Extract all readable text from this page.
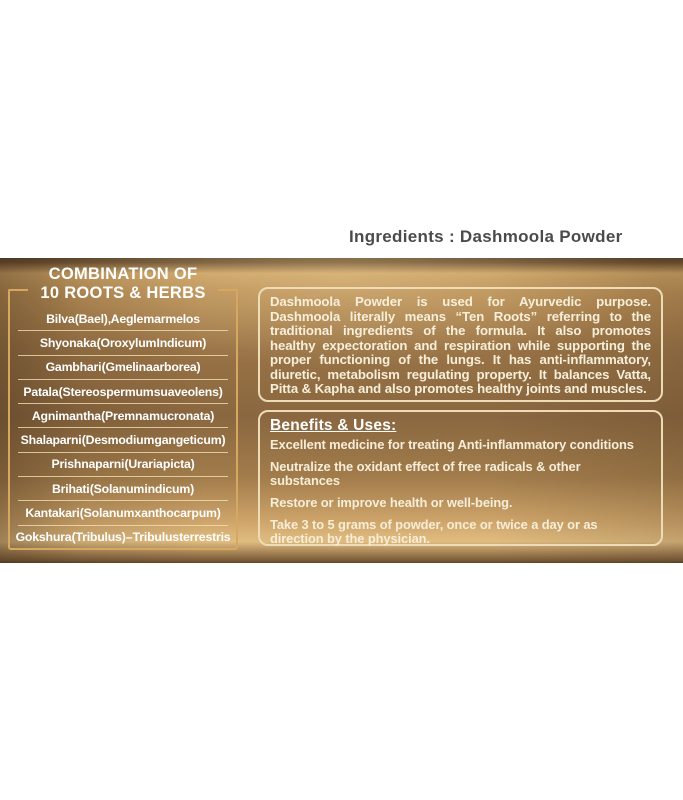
Ingredients : Dashmoola Powder
COMBINATION OF
10 ROOTS & HERBS
Bilva (Bael), Aegle marmelos
Shyonaka (Oroxylum Indicum)
Gambhari (Gmelina arborea)
Patala (Stereospermum suaveolens)
Agnimantha (Premna mucronata)
Shalaparni (Desmodium gangeticum)
Prishnaparni (Uraria picta)
Brihati (Solanum indicum)
Kantakari (Solanum xanthocarpum)
Gokshura (Tribulus) – Tribulus terrestris
Dashmoola Powder is used for Ayurvedic purpose. Dashmoola literally means “Ten Roots” referring to the traditional ingredients of the formula. It also promotes healthy expectoration and respiration while supporting the proper functioning of the lungs. It has anti-inflammatory, diuretic, metabolism regulating property. It balances Vatta, Pitta & Kapha and also promotes healthy joints and muscles.
Benefits & Uses:
Excellent medicine for treating Anti-inflammatory conditions
Neutralize the oxidant effect of free radicals & other substances
Restore or improve health or well-being.
Take 3 to 5 grams of powder, once or twice a day or as direction by the physician.
